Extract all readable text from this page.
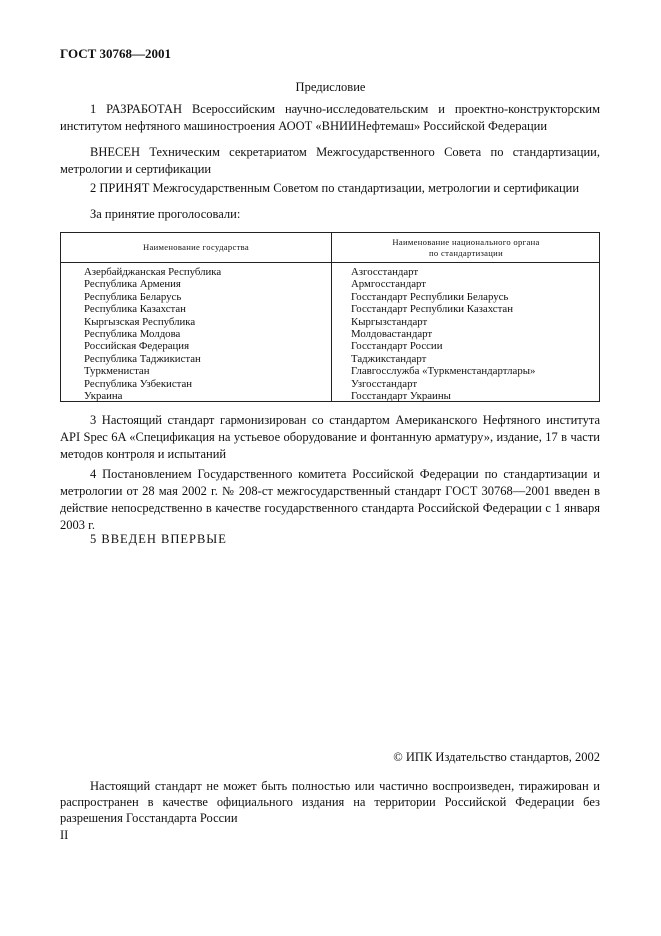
ГОСТ 30768—2001
Предисловие
1 РАЗРАБОТАН Всероссийским научно-исследовательским и проектно-конструкторским институтом нефтяного машиностроения АООТ «ВНИИНефтемаш» Российской Федерации
ВНЕСЕН Техническим секретариатом Межгосударственного Совета по стандартизации, метрологии и сертификации
2 ПРИНЯТ Межгосударственным Советом по стандартизации, метрологии и сертификации
За принятие проголосовали:
Наименование государства	Наименование национального органа
по стандартизации
Азербайджанская Республика
Республика Армения
Республика Беларусь
Республика Казахстан
Кыргызская Республика
Республика Молдова
Российская Федерация
Республика Таджикистан
Туркменистан
Республика Узбекистан
Украина
Азгосстандарт
Армгосстандарт
Госстандарт Республики Беларусь
Госстандарт Республики Казахстан
Кыргызстандарт
Молдовастандарт
Госстандарт России
Таджикстандарт
Главгосслужба «Туркменстандартлары»
Узгосстандарт
Госстандарт Украины
3 Настоящий стандарт гармонизирован со стандартом Американского Нефтяного института API Spec 6A «Спецификация на устьевое оборудование и фонтанную арматуру», издание, 17 в части методов контроля и испытаний
4 Постановлением Государственного комитета Российской Федерации по стандартизации и метрологии от 28 мая 2002 г. № 208-ст межгосударственный стандарт ГОСТ 30768—2001 введен в действие непосредственно в качестве государственного стандарта Российской Федерации с 1 января 2003 г.
5 ВВЕДЕН ВПЕРВЫЕ
© ИПК Издательство стандартов, 2002
Настоящий стандарт не может быть полностью или частично воспроизведен, тиражирован и распространен в качестве официального издания на территории Российской Федерации без разрешения Госстандарта России
II
